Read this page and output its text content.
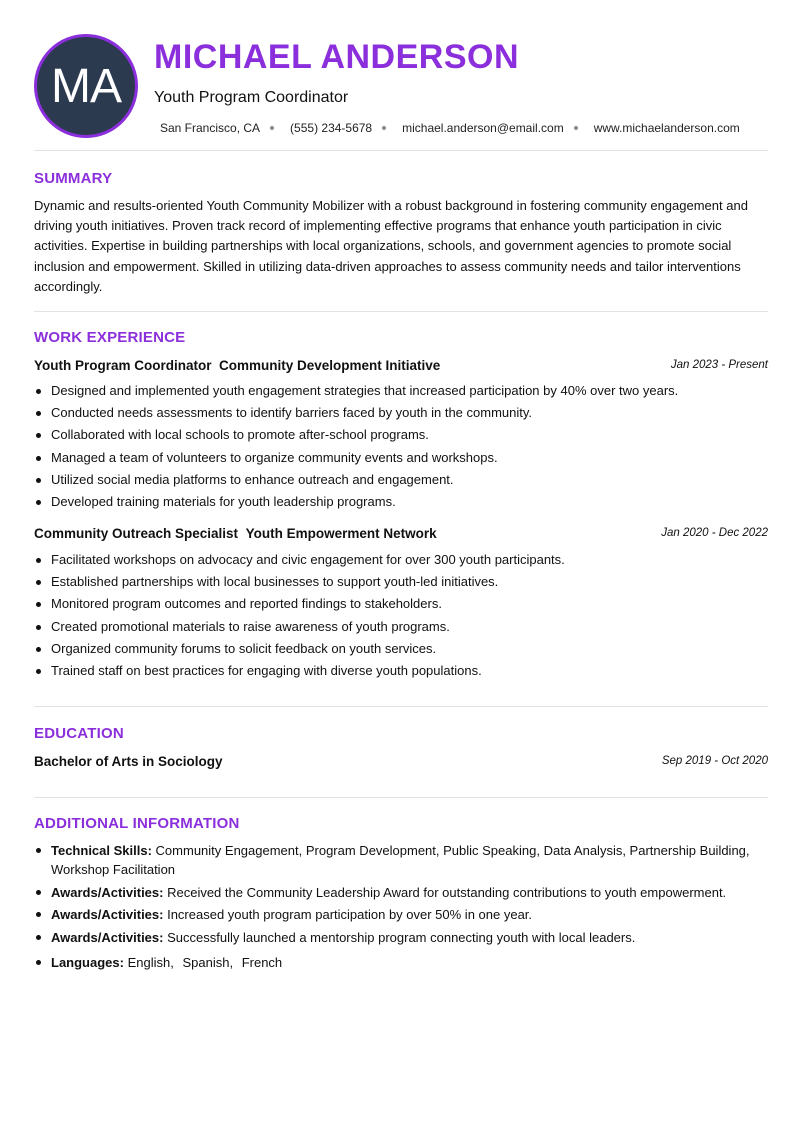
MA
MICHAEL ANDERSON
Youth Program Coordinator
San Francisco, CA	(555) 234-5678	michael.anderson@email.com	www.michaelanderson.com
SUMMARY
Dynamic and results-oriented Youth Community Mobilizer with a robust background in fostering community engagement and driving youth initiatives. Proven track record of implementing effective programs that enhance youth participation in civic activities. Expertise in building partnerships with local organizations, schools, and government agencies to promote social inclusion and empowerment. Skilled in utilizing data-driven approaches to assess community needs and tailor interventions accordingly.
WORK EXPERIENCE
Youth Program Coordinator Community Development Initiative	Jan 2023 - Present
Designed and implemented youth engagement strategies that increased participation by 40% over two years.
Conducted needs assessments to identify barriers faced by youth in the community.
Collaborated with local schools to promote after-school programs.
Managed a team of volunteers to organize community events and workshops.
Utilized social media platforms to enhance outreach and engagement.
Developed training materials for youth leadership programs.
Community Outreach Specialist Youth Empowerment Network	Jan 2020 - Dec 2022
Facilitated workshops on advocacy and civic engagement for over 300 youth participants.
Established partnerships with local businesses to support youth-led initiatives.
Monitored program outcomes and reported findings to stakeholders.
Created promotional materials to raise awareness of youth programs.
Organized community forums to solicit feedback on youth services.
Trained staff on best practices for engaging with diverse youth populations.
EDUCATION
Bachelor of Arts in Sociology	Sep 2019 - Oct 2020
ADDITIONAL INFORMATION
Technical Skills: Community Engagement, Program Development, Public Speaking, Data Analysis, Partnership Building, Workshop Facilitation
Awards/Activities: Received the Community Leadership Award for outstanding contributions to youth empowerment.
Awards/Activities: Increased youth program participation by over 50% in one year.
Awards/Activities: Successfully launched a mentorship program connecting youth with local leaders.
Languages: English, Spanish, French
